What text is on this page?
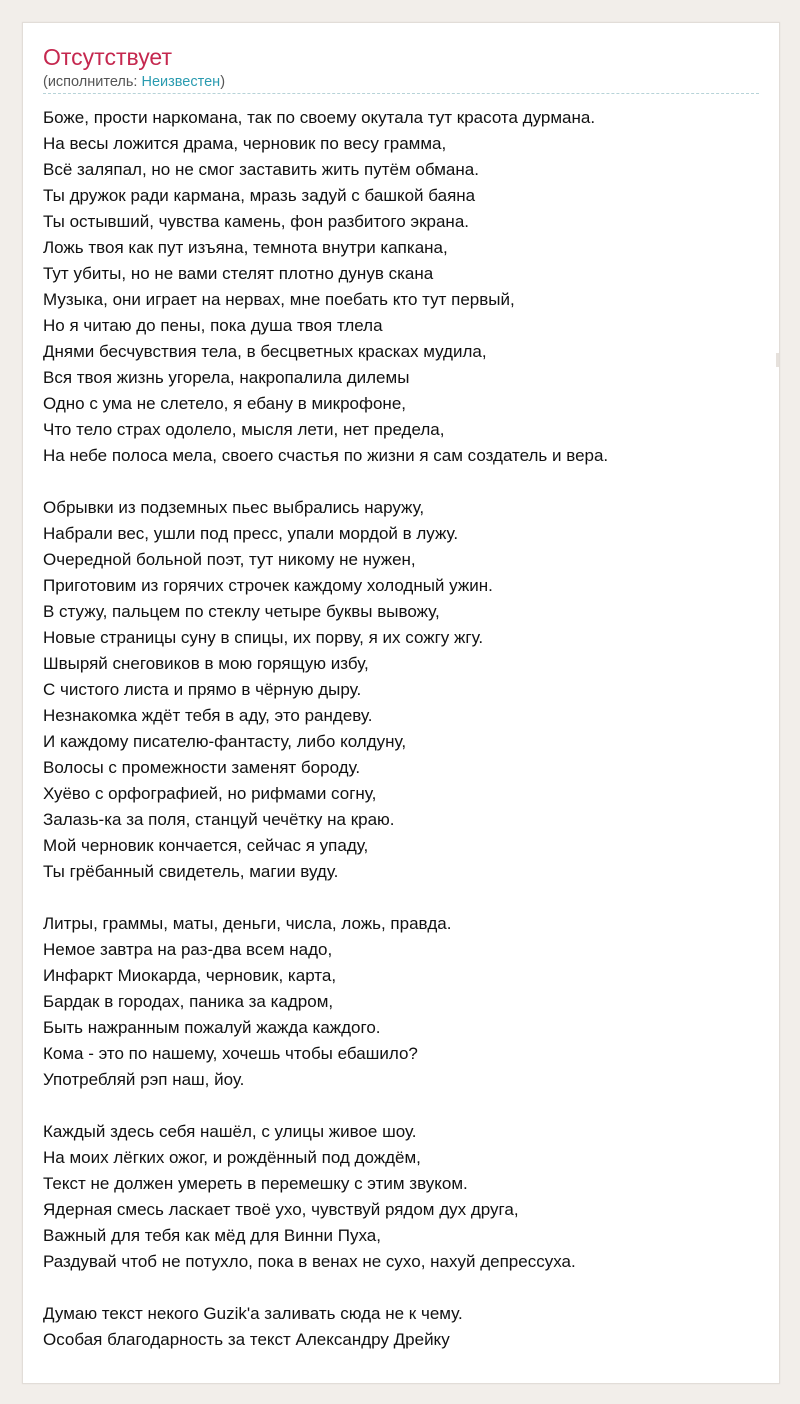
Отсутствует
(исполнитель: Неизвестен)
Боже, прости наркомана, так по своему окутала тут красота дурмана.
На весы ложится драма, черновик по весу грамма,
Всё заляпал, но не смог заставить жить путём обмана.
Ты дружок ради кармана, мразь задуй с башкой баяна
Ты остывший, чувства камень, фон разбитого экрана.
Ложь твоя как пут изъяна, темнота внутри капкана,
Тут убиты, но не вами стелят плотно дунув скана
Музыка, они играет на нервах, мне поебать кто тут первый,
Но я читаю до пены, пока душа твоя тлела
Днями бесчувствия тела, в бесцветных красках мудила,
Вся твоя жизнь угорела, накропалила дилемы
Одно с ума не слетело, я ебану в микрофоне,
Что тело страх одолело, мысля лети, нет предела,
На небе полоса мела, своего счастья по жизни я сам создатель и вера.
Обрывки из подземных пьес выбрались наружу,
Набрали вес, ушли под пресс, упали мордой в лужу.
Очередной больной поэт, тут никому не нужен,
Приготовим из горячих строчек каждому холодный ужин.
В стужу, пальцем по стеклу четыре буквы вывожу,
Новые страницы суну в спицы, их порву, я их сожгу жгу.
Швыряй снеговиков в мою горящую избу,
С чистого листа и прямо в чёрную дыру.
Незнакомка ждёт тебя в аду, это рандеву.
И каждому писателю-фантасту, либо колдуну,
Волосы с промежности заменят бороду.
Хуёво с орфографией, но рифмами согну,
Залазь-ка за поля, станцуй чечётку на краю.
Мой черновик кончается, сейчас я упаду,
Ты грёбанный свидетель, магии вуду.
Литры, граммы, маты, деньги, числа, ложь, правда.
Немое завтра на раз-два всем надо,
Инфаркт Миокарда, черновик, карта,
Бардак в городах, паника за кадром,
Быть нажранным пожалуй жажда каждого.
Кома - это по нашему, хочешь чтобы ебашило?
Употребляй рэп наш, йоу.
Каждый здесь себя нашёл, с улицы живое шоу.
На моих лёгких ожог, и рождённый под дождём,
Текст не должен умереть в перемешку с этим звуком.
Ядерная смесь ласкает твоё ухо, чувствуй рядом дух друга,
Важный для тебя как мёд для Винни Пуха,
Раздувай чтоб не потухло, пока в венах не сухо, нахуй депрессуха.
Думаю текст некого Guzik'а заливать сюда не к чему.
Особая благодарность за текст Александру Дрейку
